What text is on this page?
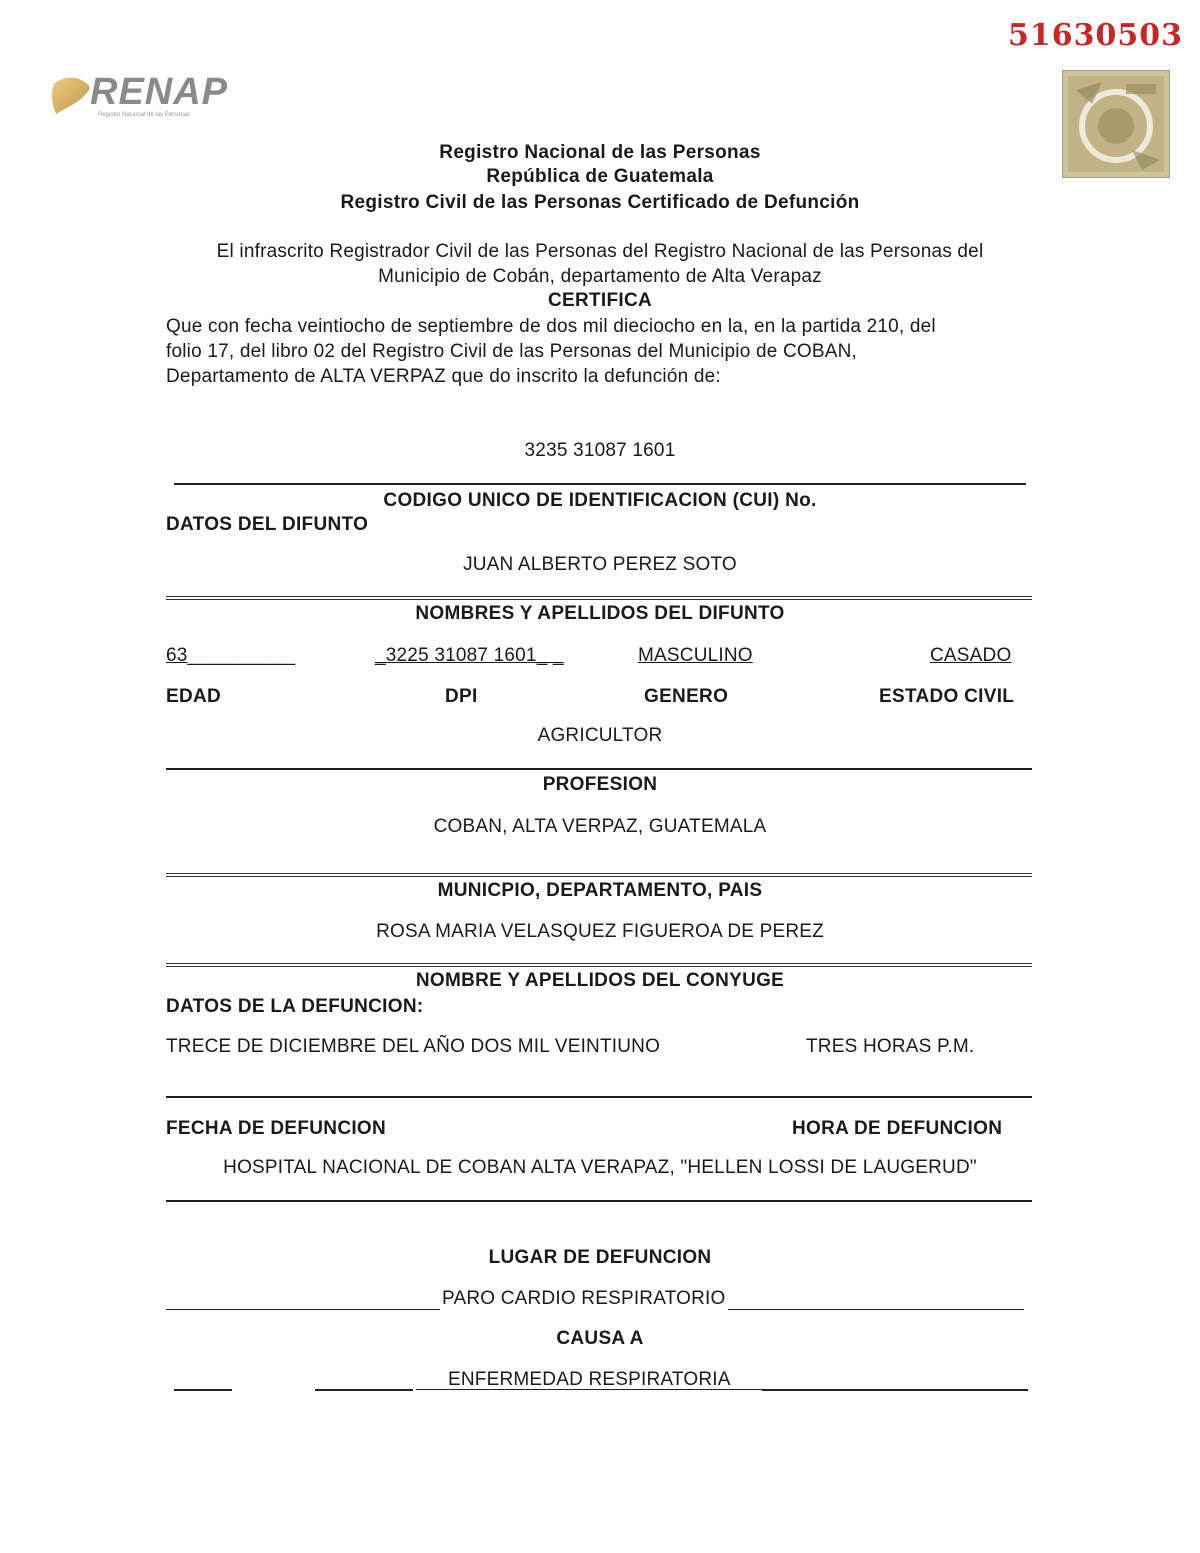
51630503
RENAP
Registro Nacional de las Personas
Registro Nacional de las Personas
República de Guatemala
Registro Civil de las Personas Certificado de Defunción
El infrascrito Registrador Civil de las Personas del Registro Nacional de las Personas del
Municipio de Cobán, departamento de Alta Verapaz
CERTIFICA
Que con fecha veintiocho de septiembre de dos mil dieciocho en la, en la partida 210, del
folio 17, del libro 02 del Registro Civil de las Personas del Municipio de COBAN,
Departamento de ALTA VERPAZ que do inscrito la defunción de:
3235 31087 1601
CODIGO UNICO DE IDENTIFICACION (CUI) No.
DATOS DEL DIFUNTO
JUAN ALBERTO PEREZ SOTO
NOMBRES Y APELLIDOS DEL DIFUNTO
63__________	_3225 31087 1601_ _	MASCULINO	CASADO
EDAD	DPI	GENERO	ESTADO CIVIL
AGRICULTOR
PROFESION
COBAN, ALTA VERPAZ, GUATEMALA
MUNICPIO, DEPARTAMENTO, PAIS
ROSA MARIA VELASQUEZ FIGUEROA DE PEREZ
NOMBRE Y APELLIDOS DEL CONYUGE
DATOS DE LA DEFUNCION:
TRECE DE DICIEMBRE DEL AÑO DOS MIL VEINTIUNO	TRES HORAS P.M.
FECHA DE DEFUNCION	HORA DE DEFUNCION
HOSPITAL NACIONAL DE COBAN ALTA VERAPAZ, "HELLEN LOSSI DE LAUGERUD"
LUGAR DE DEFUNCION
PARO CARDIO RESPIRATORIO
CAUSA A
ENFERMEDAD RESPIRATORIA
